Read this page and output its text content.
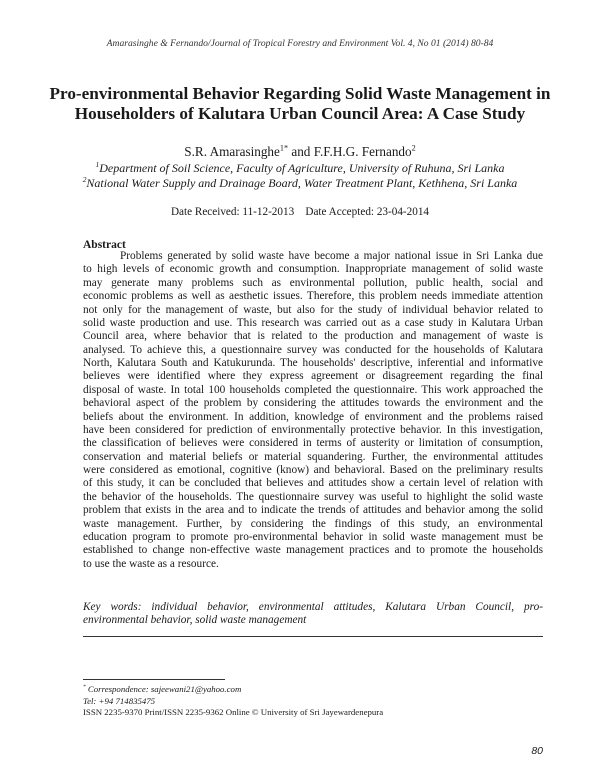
Amarasinghe & Fernando/Journal of Tropical Forestry and Environment Vol. 4, No 01 (2014) 80-84
Pro-environmental Behavior Regarding Solid Waste Management in
Householders of Kalutara Urban Council Area: A Case Study
S.R. Amarasinghe$^{1*}$ and F.F.H.G. Fernando$^2$
$^1$Department of Soil Science, Faculty of Agriculture, University of Ruhuna, Sri Lanka
$^2$National Water Supply and Drainage Board, Water Treatment Plant, Kethhena, Sri Lanka
Date Received: 11-12-2013 Date Accepted: 23-04-2014
Abstract
Problems generated by solid waste have become a major national issue in Sri Lanka due
to high levels of economic growth and consumption. Inappropriate management of solid waste
may generate many problems such as environmental pollution, public health, social and
economic problems as well as aesthetic issues. Therefore, this problem needs immediate attention
not only for the management of waste, but also for the study of individual behavior related to
solid waste production and use. This research was carried out as a case study in Kalutara Urban
Council area, where behavior that is related to the production and management of waste is
analysed. To achieve this, a questionnaire survey was conducted for the households of Kalutara
North, Kalutara South and Katukurunda. The households' descriptive, inferential and informative
believes were identified where they express agreement or disagreement regarding the final
disposal of waste. In total 100 households completed the questionnaire. This work approached the
behavioral aspect of the problem by considering the attitudes towards the environment and the
beliefs about the environment. In addition, knowledge of environment and the problems raised
have been considered for prediction of environmentally protective behavior. In this investigation,
the classification of believes were considered in terms of austerity or limitation of consumption,
conservation and material beliefs or material squandering. Further, the environmental attitudes
were considered as emotional, cognitive (know) and behavioral. Based on the preliminary results
of this study, it can be concluded that believes and attitudes show a certain level of relation with
the behavior of the households. The questionnaire survey was useful to highlight the solid waste
problem that exists in the area and to indicate the trends of attitudes and behavior among the solid
waste management. Further, by considering the findings of this study, an environmental
education program to promote pro-environmental behavior in solid waste management must be
established to change non-effective waste management practices and to promote the households
to use the waste as a resource.
Key words: individual behavior, environmental attitudes, Kalutara Urban Council, pro-
environmental behavior, solid waste management
* Correspondence: sajeewani21@yahoo.com
Tel: +94 714835475
ISSN 2235-9370 Print/ISSN 2235-9362 Online © University of Sri Jayewardenepura
80
